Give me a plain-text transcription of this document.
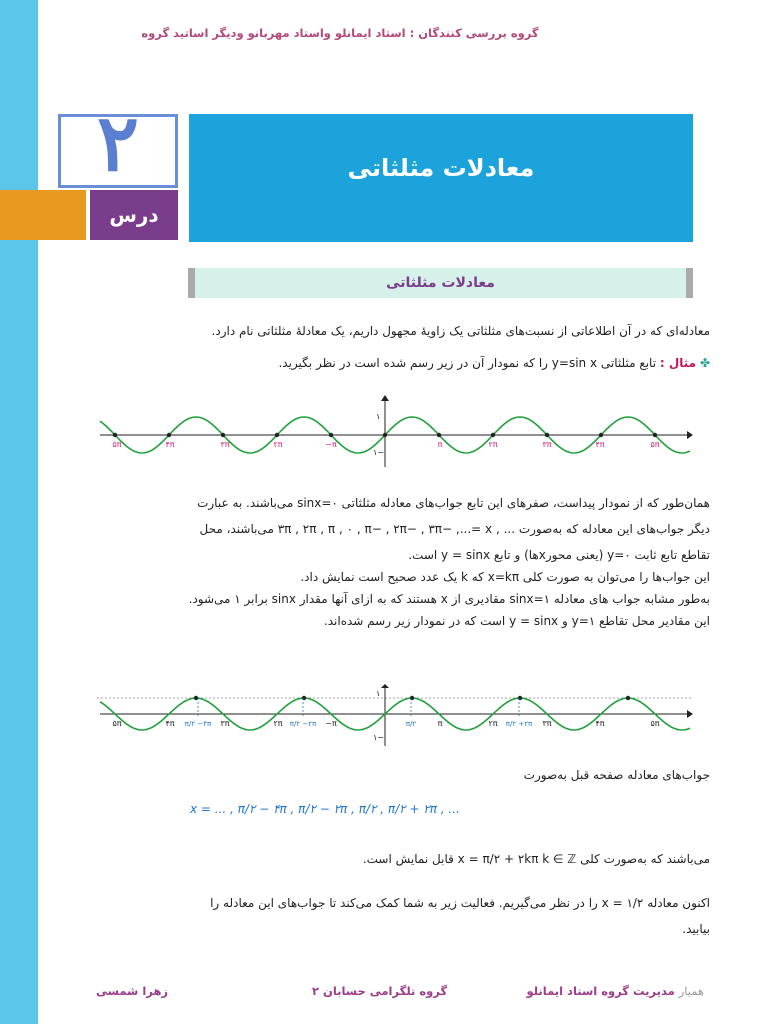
گروه بررسی کنندگان : استاد ایمانلو واستاد مهربانو ودیگر اساتید گروه
۲
درس
معادلات مثلثاتی
معادلات مثلثاتی
معادله‌ای که در آن اطلاعاتی از نسبت‌های مثلثاتی یک زاویهٔ مجهول داریم، یک معادلهٔ مثلثاتی نام دارد.
✤ مثال : تابع مثلثاتی y=sin x را که نمودار آن در زیر رسم شده است در نظر بگیرید.
۵π	۴π	۳π	۲π	−π	π	۲π	۳π	۴π	۵π
۱
۱−
همان‌طور که از نمودار پیداست، صفرهای این تابع جواب‌های معادله مثلثاتی sinx=۰ می‌باشند. به عبارت
دیگر جواب‌های این معادله که به‌صورت ... , ۳π , ۲π , π , ۰ , π− , ۲π− , ۳π− ,...= x می‌باشند، محل
تقاطع تابع ثابت y=۰ (یعنی محورxها) و تابع y = sinx است.
این جواب‌ها را می‌توان به صورت کلی x=kπ که k یک عدد صحیح است نمایش داد.
به‌طور مشابه جواب های معادله sinx=۱ مقادیری از x هستند که به ازای آنها مقدار sinx برابر ۱ می‌شود.
این مقادیر محل تقاطع y=۱ و y = sinx است که در نمودار زیر رسم شده‌اند.
۵π	۴π	۳π	۲π	−π	π	۲π	۳π	۴π	۵π
π/۲ −۴π	π/۲ −۲π	π/۲	π/۲ +۲π
۱
۱−
جواب‌های معادله صفحه قبل به‌صورت
x = ... , π/۲ − ۴π , π/۲ − ۲π , π/۲ , π/۲ + ۲π , ...
می‌باشند که به‌صورت کلی x = π/۲ + ۲kπ k ∈ ℤ قابل نمایش است.
اکنون معادله x = ۱/۲ را در نظر می‌گیریم. فعالیت زیر به شما کمک می‌کند تا جواب‌های این معادله را
بیابید.
زهرا شمسی	گروه تلگرامی حسابان ۲	همیار مدیریت گروه استاد ایمانلو
